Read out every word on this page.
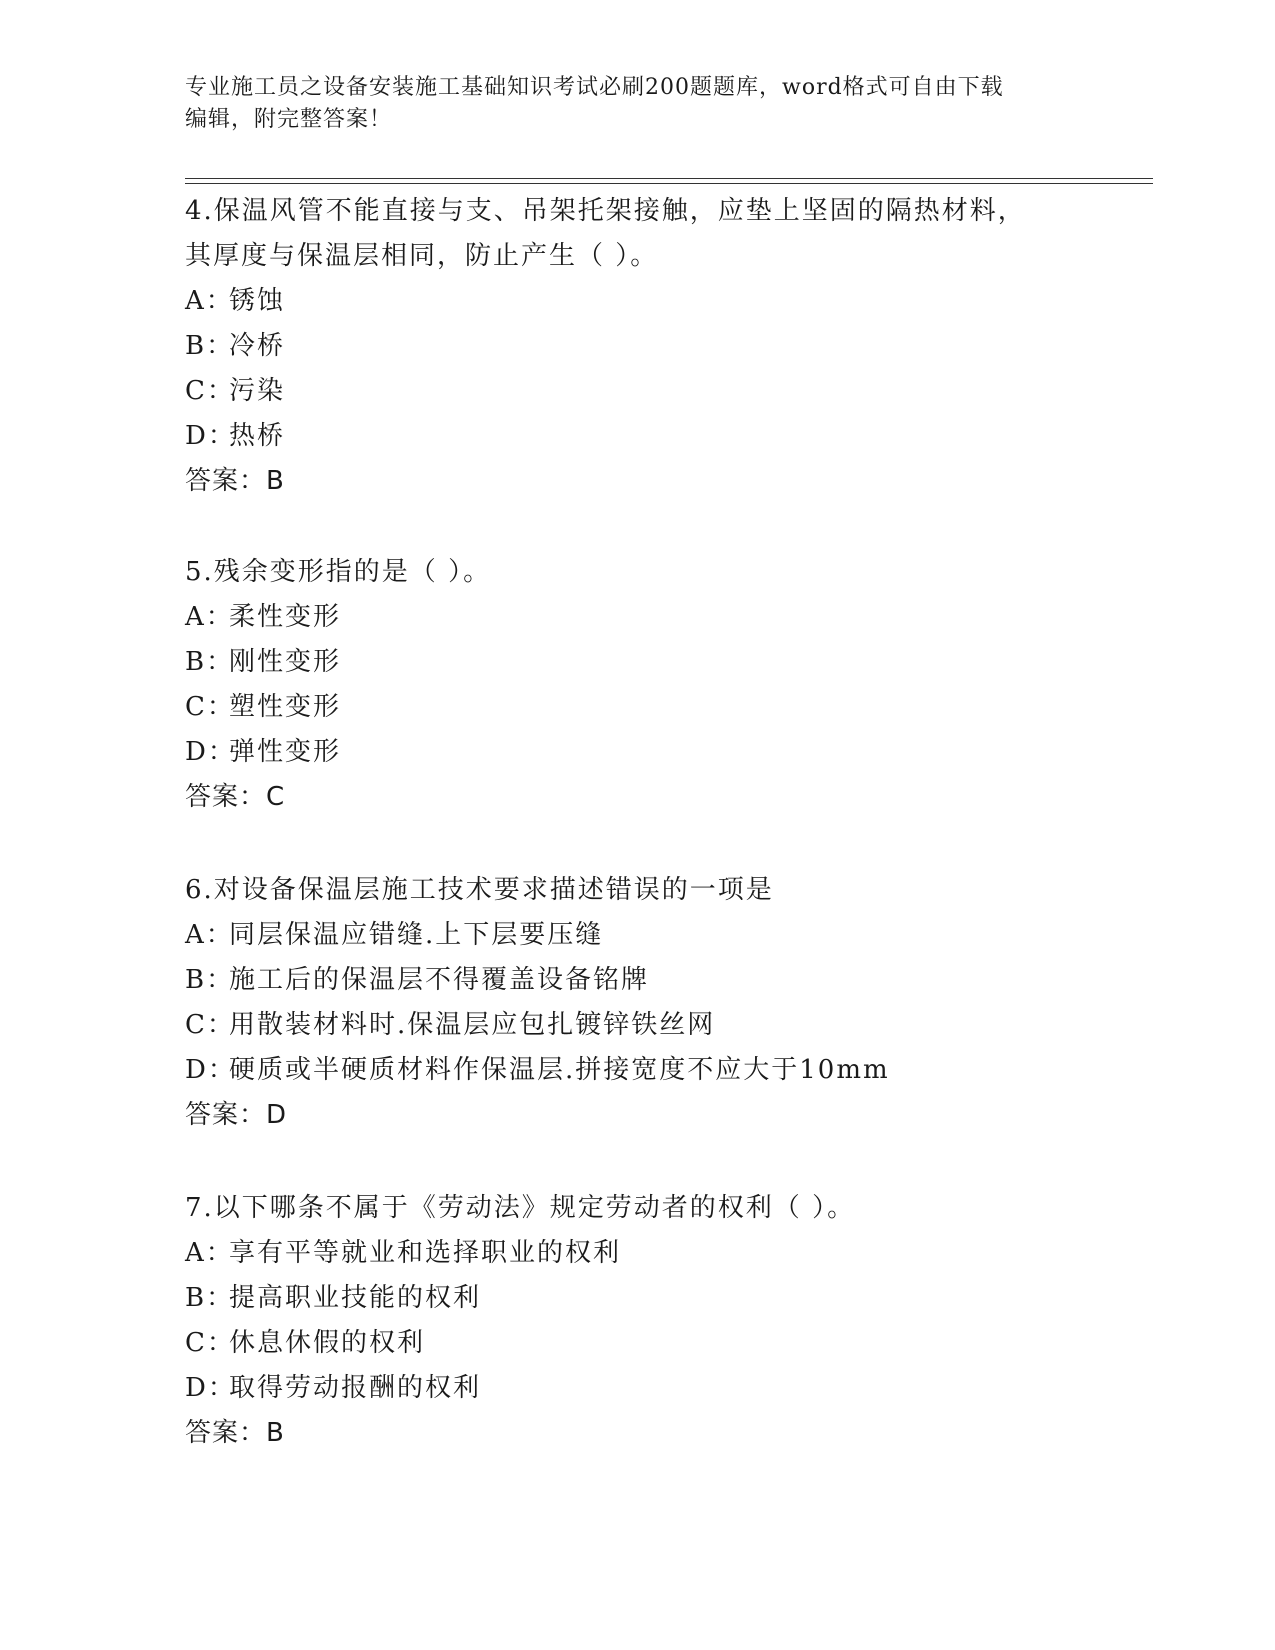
专业施工员之设备安装施工基础知识考试必刷200题题库，word格式可自由下载
编辑，附完整答案！
4.保温风管不能直接与支、吊架托架接触，应垫上坚固的隔热材料，
其厚度与保温层相同，防止产生（ ）。
A：锈蚀
B：冷桥
C：污染
D：热桥
答案：B
5.残余变形指的是（ ）。
A：柔性变形
B：刚性变形
C：塑性变形
D：弹性变形
答案：C
6.对设备保温层施工技术要求描述错误的一项是
A：同层保温应错缝.上下层要压缝
B：施工后的保温层不得覆盖设备铭牌
C：用散装材料时.保温层应包扎镀锌铁丝网
D：硬质或半硬质材料作保温层.拼接宽度不应大于10mm
答案：D
7.以下哪条不属于《劳动法》规定劳动者的权利（ ）。
A：享有平等就业和选择职业的权利
B：提高职业技能的权利
C：休息休假的权利
D：取得劳动报酬的权利
答案：B
